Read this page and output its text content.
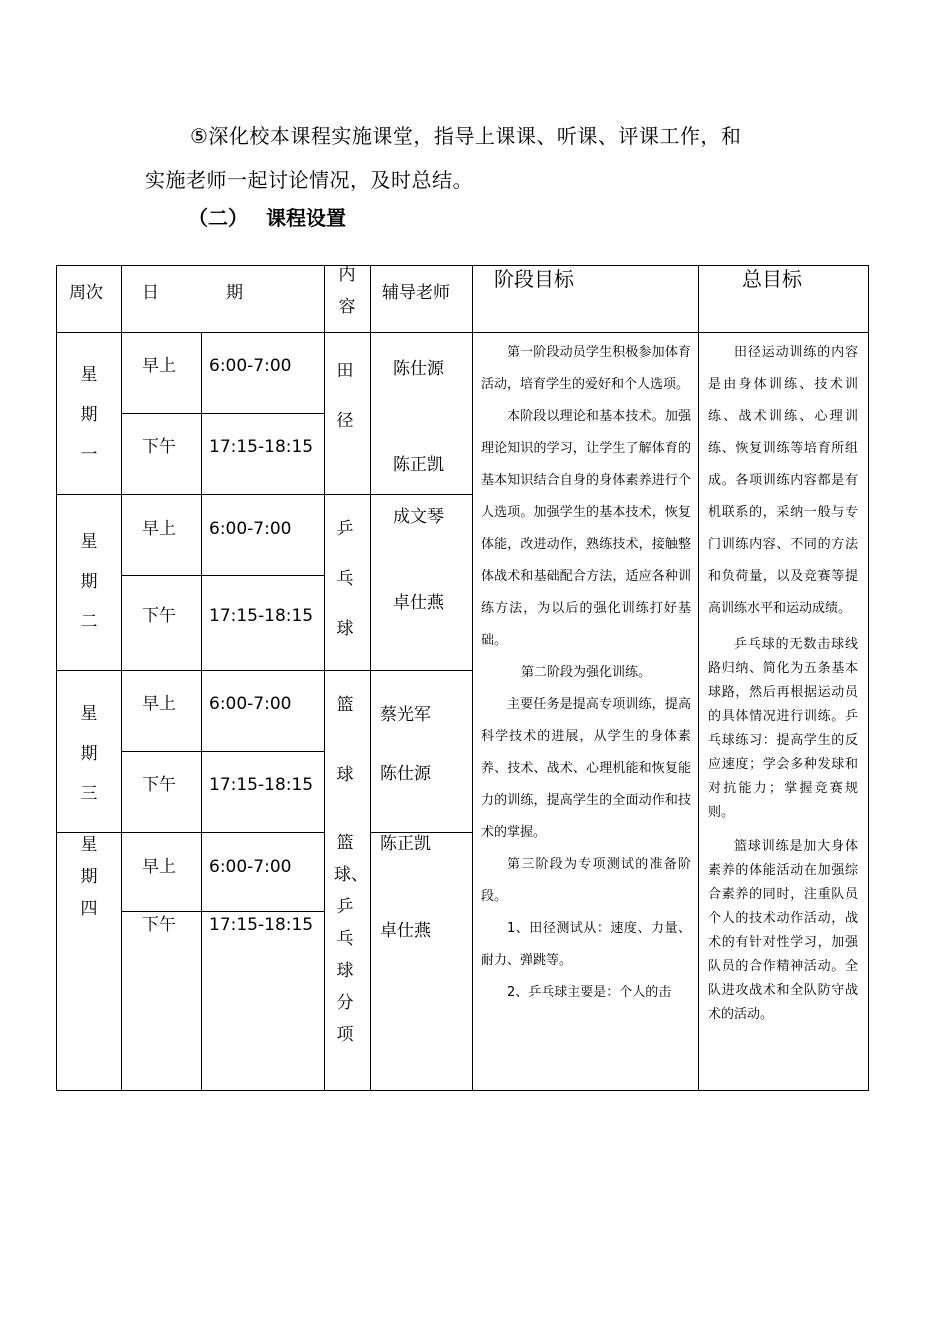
⑤深化校本课程实施课堂，指导上课课、听课、评课工作，和
实施老师一起讨论情况，及时总结。
（二） 课程设置
周次 日	期
内容
辅导老师
阶段目标	总目标
星期一
早上 6:00-7:00
下午 17:15-18:15
田径
陈仕源
陈正凯
星期二
早上 6:00-7:00
下午 17:15-18:15
乒乓球
成文琴
卓仕燕
星期三
早上 6:00-7:00
下午 17:15-18:15
篮球
蔡光军
陈仕源
星期四
早上 6:00-7:00
下午 17:15-18:15
篮球、乒乓球分项
陈正凯
卓仕燕

第一阶段动员学生积极参加体育活动，培育学生的爱好和个人选项。

本阶段以理论和基本技术。加强理论知识的学习，让学生了解体育的基本知识结合自身的身体素养进行个人选项。加强学生的基本技术，恢复体能，改进动作，熟练技术，接触整体战术和基础配合方法，适应各种训练方法，为以后的强化训练打好基础。

第二阶段为强化训练。

主要任务是提高专项训练，提高科学技术的进展，从学生的身体素养、技术、战术、心理机能和恢复能力的训练，提高学生的全面动作和技术的掌握。

第三阶段为专项测试的准备阶段。

1、田径测试从：速度、力量、耐力、弹跳等。

2、乒乓球主要是：个人的击

田径运动训练的内容是由身体训练、技术训练、战术训练、心理训练、恢复训练等培育所组成。各项训练内容都是有机联系的，采纳一般与专门训练内容、不同的方法和负荷量，以及竞赛等提高训练水平和运动成绩。

乒乓球的无数击球线路归纳、简化为五条基本球路，然后再根据运动员的具体情况进行训练。乒乓球练习：提高学生的反应速度；学会多种发球和对抗能力；掌握竞赛规则。

篮球训练是加大身体素养的体能活动在加强综合素养的同时，注重队员个人的技术动作活动，战术的有针对性学习，加强队员的合作精神活动。全队进攻战术和全队防守战术的活动。
